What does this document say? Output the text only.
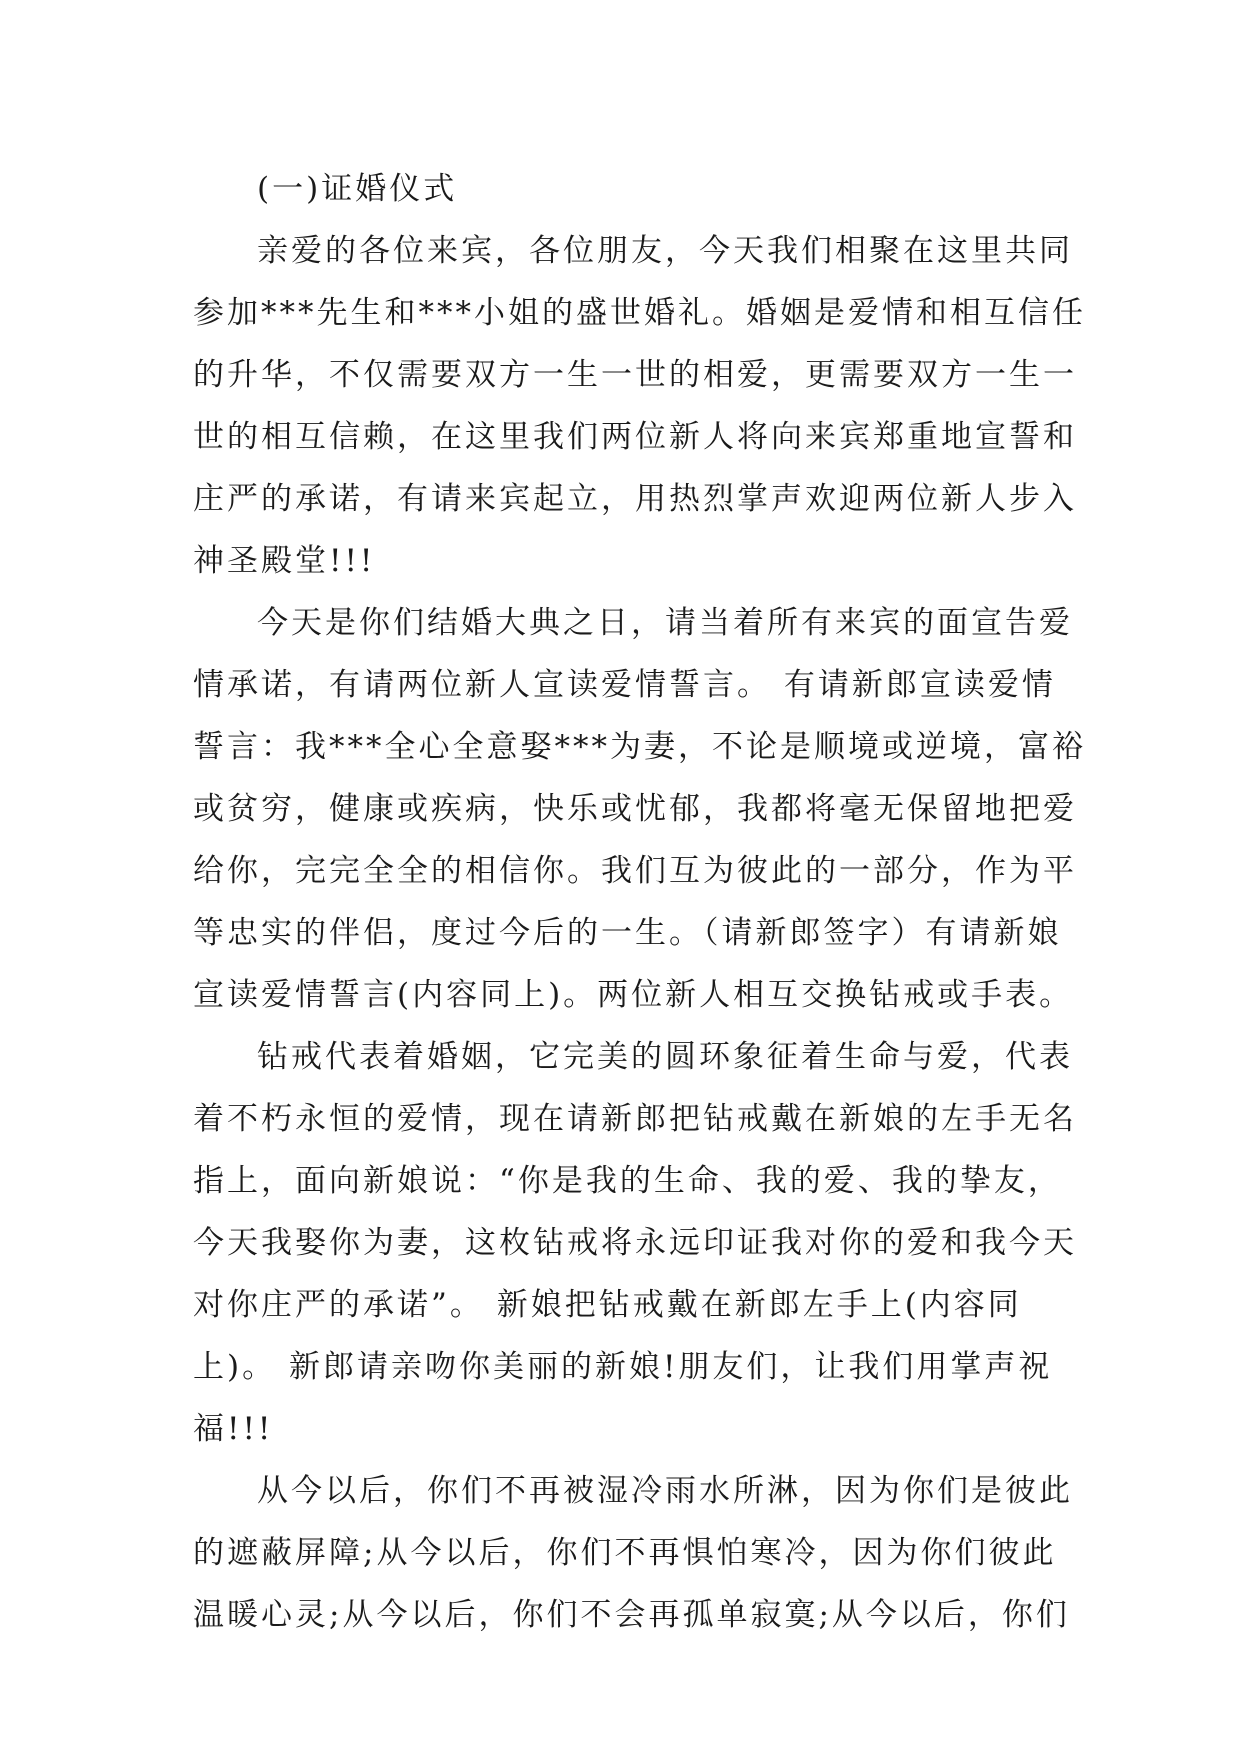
(一)证婚仪式
亲爱的各位来宾，各位朋友，今天我们相聚在这里共同
参加***先生和***小姐的盛世婚礼。婚姻是爱情和相互信任
的升华，不仅需要双方一生一世的相爱，更需要双方一生一
世的相互信赖，在这里我们两位新人将向来宾郑重地宣誓和
庄严的承诺，有请来宾起立，用热烈掌声欢迎两位新人步入
神圣殿堂!!!
今天是你们结婚大典之日，请当着所有来宾的面宣告爱
情承诺，有请两位新人宣读爱情誓言。 有请新郎宣读爱情
誓言：我***全心全意娶***为妻，不论是顺境或逆境，富裕
或贫穷，健康或疾病，快乐或忧郁，我都将毫无保留地把爱
给你，完完全全的相信你。我们互为彼此的一部分，作为平
等忠实的伴侣，度过今后的一生。（请新郎签字）有请新娘
宣读爱情誓言(内容同上)。两位新人相互交换钻戒或手表。
钻戒代表着婚姻，它完美的圆环象征着生命与爱，代表
着不朽永恒的爱情，现在请新郎把钻戒戴在新娘的左手无名
指上，面向新娘说：“你是我的生命、我的爱、我的挚友，
今天我娶你为妻，这枚钻戒将永远印证我对你的爱和我今天
对你庄严的承诺”。 新娘把钻戒戴在新郎左手上(内容同
上)。 新郎请亲吻你美丽的新娘!朋友们，让我们用掌声祝
福!!!
从今以后，你们不再被湿冷雨水所淋，因为你们是彼此
的遮蔽屏障;从今以后，你们不再惧怕寒冷，因为你们彼此
温暖心灵;从今以后，你们不会再孤单寂寞;从今以后，你们
